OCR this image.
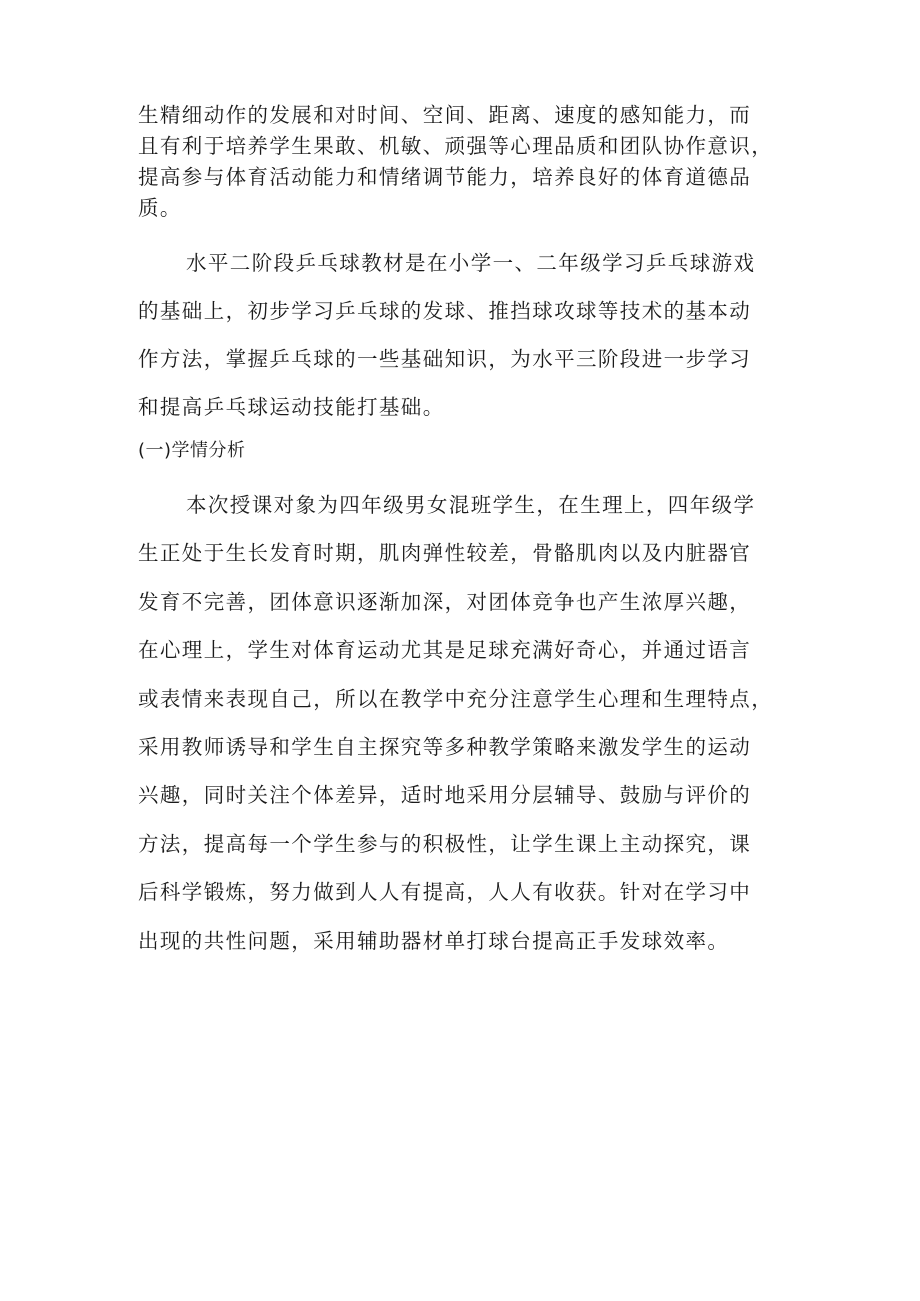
生精细动作的发展和对时间、空间、距离、速度的感知能力，而
且有利于培养学生果敢、机敏、顽强等心理品质和团队协作意识，
提高参与体育活动能力和情绪调节能力，培养良好的体育道德品
质。

水平二阶段乒乓球教材是在小学一、二年级学习乒乓球游戏
的基础上，初步学习乒乓球的发球、推挡球攻球等技术的基本动
作方法，掌握乒乓球的一些基础知识，为水平三阶段进一步学习
和提高乒乓球运动技能打基础。

(一)学情分析

本次授课对象为四年级男女混班学生，在生理上，四年级学
生正处于生长发育时期，肌肉弹性较差，骨骼肌肉以及内脏器官
发育不完善，团体意识逐渐加深，对团体竞争也产生浓厚兴趣，
在心理上，学生对体育运动尤其是足球充满好奇心，并通过语言
或表情来表现自己，所以在教学中充分注意学生心理和生理特点，
采用教师诱导和学生自主探究等多种教学策略来激发学生的运动
兴趣，同时关注个体差异，适时地采用分层辅导、鼓励与评价的
方法，提高每一个学生参与的积极性，让学生课上主动探究，课
后科学锻炼，努力做到人人有提高，人人有收获。针对在学习中
出现的共性问题，采用辅助器材单打球台提高正手发球效率。
